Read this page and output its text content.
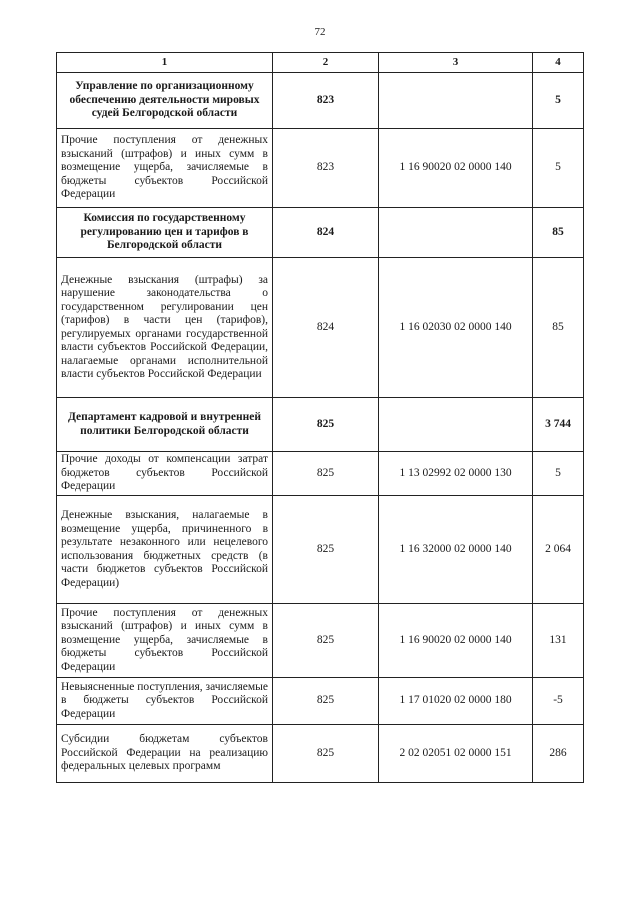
72
1	2	3	4
Управление по организационному обеспечению деятельности мировых судей Белгородской области	823		5
Прочие поступления от денежных взысканий (штрафов) и иных сумм в возмещение ущерба, зачисляемые в бюджеты субъектов Российской Федерации	823	1 16 90020 02 0000 140	5
Комиссия по государственному регулированию цен и тарифов в Белгородской области	824		85
Денежные взыскания (штрафы) за нарушение законодательства о государственном регулировании цен (тарифов) в части цен (тарифов), регулируемых органами государственной власти субъектов Российской Федерации, налагаемые органами исполнительной власти субъектов Российской Федерации	824	1 16 02030 02 0000 140	85
Департамент кадровой и внутренней политики Белгородской области	825		3 744
Прочие доходы от компенсации затрат бюджетов субъектов Российской Федерации	825	1 13 02992 02 0000 130	5
Денежные взыскания, налагаемые в возмещение ущерба, причиненного в результате незаконного или нецелевого использования бюджетных средств (в части бюджетов субъектов Российской Федерации)	825	1 16 32000 02 0000 140	2 064
Прочие поступления от денежных взысканий (штрафов) и иных сумм в возмещение ущерба, зачисляемые в бюджеты субъектов Российской Федерации	825	1 16 90020 02 0000 140	131
Невыясненные поступления, зачисляемые в бюджеты субъектов Российской Федерации	825	1 17 01020 02 0000 180	-5
Субсидии бюджетам субъектов Российской Федерации на реализацию федеральных целевых программ	825	2 02 02051 02 0000 151	286
